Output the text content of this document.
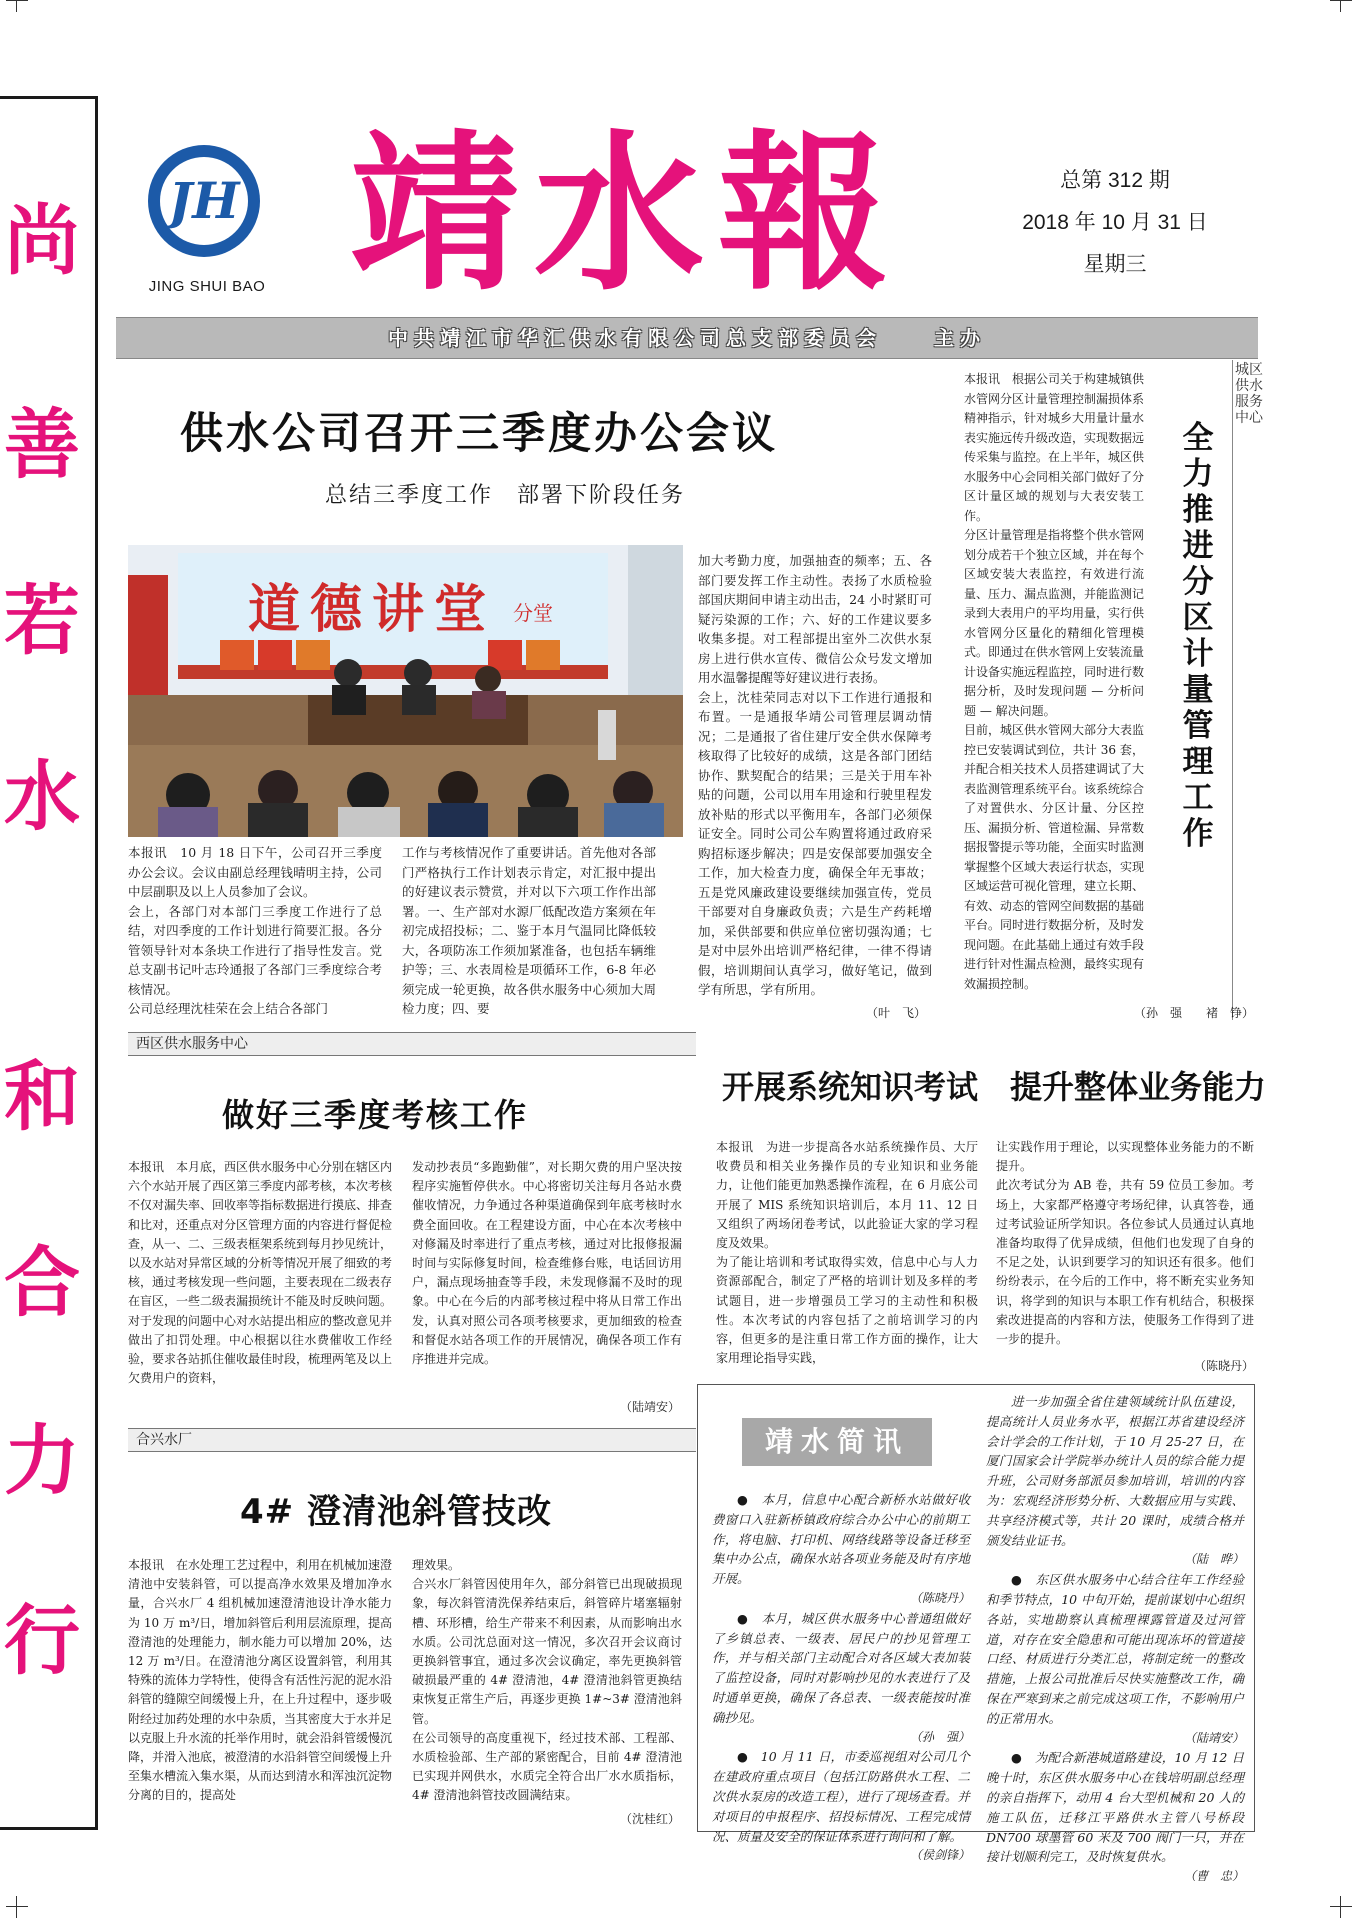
尚
善
若
水
和
合
力
行
JH
JING SHUI BAO 靖水報	总第 312 期
2018 年 10 月 31 日
星期三
中共靖江市华汇供水有限公司总支部委员会　　主办
供水公司召开三季度办公会议
总结三季度工作　部署下阶段任务
道德讲堂 分堂
本报讯　10 月 18 日下午，公司召开三季度办公会议。会议由副总经理钱晴明主持，公司中层副职及以上人员参加了会议。
会上，各部门对本部门三季度工作进行了总结，对四季度的工作计划进行简要汇报。各分管领导针对本条块工作进行了指导性发言。党总支副书记叶志玲通报了各部门三季度综合考核情况。
公司总经理沈桂荣在会上结合各部门
工作与考核情况作了重要讲话。首先他对各部门严格执行工作计划表示肯定，对汇报中提出的好建议表示赞赏，并对以下六项工作作出部署。一、生产部对水源厂低配改造方案须在年初完成招投标；二、鉴于本月气温同比降低较大，各项防冻工作须加紧准备，也包括车辆维护等；三、水表周检是项循环工作，6-8 年必须完成一轮更换，故各供水服务中心须加大周检力度；四、要
加大考勤力度，加强抽查的频率；五、各部门要发挥工作主动性。表扬了水质检验部国庆期间申请主动出击，24 小时紧盯可疑污染源的工作；六、好的工作建议要多收集多提。对工程部提出室外二次供水泵房上进行供水宣传、微信公众号发文增加用水温馨提醒等好建议进行表扬。
会上，沈桂荣同志对以下工作进行通报和布置。一是通报华靖公司管理层调动情况；二是通报了省住建厅安全供水保障考核取得了比较好的成绩，这是各部门团结协作、默契配合的结果；三是关于用车补贴的问题，公司以用车用途和行驶里程发放补贴的形式以平衡用车，各部门必须保证安全。同时公司公车购置将通过政府采购招标逐步解决；四是安保部要加强安全工作，加大检查力度，确保全年无事故；五是党风廉政建设要继续加强宣传，党员干部要对自身廉政负责；六是生产药耗增加，采供部要和供应单位密切强沟通；七是对中层外出培训严格纪律，一律不得请假，培训期间认真学习，做好笔记，做到学有所思，学有所用。
（叶　飞）
城区供水服务中心
全力推进分区计量管理工作
本报讯　根据公司关于构建城镇供水管网分区计量管理控制漏损体系精神指示，针对城乡大用量计量水表实施远传升级改造，实现数据远传采集与监控。在上半年，城区供水服务中心会同相关部门做好了分区计量区域的规划与大表安装工作。
分区计量管理是指将整个供水管网划分成若干个独立区域，并在每个区域安装大表监控，有效进行流量、压力、漏点监测，并能监测记录到大表用户的平均用量，实行供水管网分区量化的精细化管理模式。即通过在供水管网上安装流量计设备实施远程监控，同时进行数据分析，及时发现问题 — 分析问题 — 解决问题。
目前，城区供水管网大部分大表监控已安装调试到位，共计 36 套，并配合相关技术人员搭建调试了大表监测管理系统平台。该系统综合了对置供水、分区计量、分区控压、漏损分析、管道检漏、异常数据报警提示等功能，全面实时监测掌握整个区域大表运行状态，实现区域运营可视化管理，建立长期、有效、动态的管网空间数据的基础平台。同时进行数据分析，及时发现问题。在此基础上通过有效手段进行针对性漏点检测，最终实现有效漏损控制。
（孙　强　　褚　铮）
西区供水服务中心
做好三季度考核工作
本报讯　本月底，西区供水服务中心分别在辖区内六个水站开展了西区第三季度内部考核，本次考核不仅对漏失率、回收率等指标数据进行摸底、排查和比对，还重点对分区管理方面的内容进行督促检查，从一、二、三级表框架系统到每月抄见统计，以及水站对异常区域的分析等情况开展了细致的考核，通过考核发现一些问题，主要表现在二级表存在盲区，一些二级表漏损统计不能及时反映问题。对于发现的问题中心对水站提出相应的整改意见并做出了扣罚处理。中心根据以往水费催收工作经验，要求各站抓住催收最佳时段，梳理两笔及以上欠费用户的资料，
发动抄表员“多跑勤催”，对长期欠费的用户坚决按程序实施暂停供水。中心将密切关注每月各站水费催收情况，力争通过各种渠道确保到年底考核时水费全面回收。在工程建设方面，中心在本次考核中对修漏及时率进行了重点考核，通过对比报修报漏时间与实际修复时间，检查维修台账，电话回访用户，漏点现场抽查等手段，未发现修漏不及时的现象。中心在今后的内部考核过程中将从日常工作出发，认真对照公司各项考核要求，更加细致的检查和督促水站各项工作的开展情况，确保各项工作有序推进并完成。
（陆靖安）
合兴水厂
4# 澄清池斜管技改
本报讯　在水处理工艺过程中，利用在机械加速澄清池中安装斜管，可以提高净水效果及增加净水量，合兴水厂 4 组机械加速澄清池设计净水能力为 10 万 m³/日，增加斜管后利用层流原理，提高澄清池的处理能力，制水能力可以增加 20%，达 12 万 m³/日。在澄清池分离区设置斜管，利用其特殊的流体力学特性，使得含有活性污泥的泥水沿斜管的缝隙空间缓慢上升，在上升过程中，逐步吸附经过加药处理的水中杂质，当其密度大于水并足以克服上升水流的托举作用时，就会沿斜管缓慢沉降，并滑入池底，被澄清的水沿斜管空间缓慢上升至集水槽流入集水渠，从而达到清水和浑浊沉淀物分离的目的，提高处
理效果。
合兴水厂斜管因使用年久，部分斜管已出现破损现象，每次斜管清洗保养结束后，斜管碎片堵塞辐射槽、环形槽，给生产带来不利因素，从而影响出水水质。公司沈总面对这一情况，多次召开会议商讨更换斜管事宜，通过多次会议确定，率先更换斜管破损最严重的 4# 澄清池，4# 澄清池斜管更换结束恢复正常生产后，再逐步更换 1#~3# 澄清池斜管。
在公司领导的高度重视下，经过技术部、工程部、水质检验部、生产部的紧密配合，目前 4# 澄清池已实现并网供水，水质完全符合出厂水水质指标，4# 澄清池斜管技改圆满结束。
（沈桂红）
开展系统知识考试　提升整体业务能力
本报讯　为进一步提高各水站系统操作员、大厅收费员和相关业务操作员的专业知识和业务能力，让他们能更加熟悉操作流程，在 6 月底公司开展了 MIS 系统知识培训后，本月 11、12 日又组织了两场闭卷考试，以此验证大家的学习程度及效果。
为了能让培训和考试取得实效，信息中心与人力资源部配合，制定了严格的培训计划及多样的考试题目，进一步增强员工学习的主动性和积极性。本次考试的内容包括了之前培训学习的内容，但更多的是注重日常工作方面的操作，让大家用理论指导实践，
让实践作用于理论，以实现整体业务能力的不断提升。
此次考试分为 AB 卷，共有 59 位员工参加。考场上，大家都严格遵守考场纪律，认真答卷，通过考试验证所学知识。各位参试人员通过认真地准备均取得了优异成绩，但他们也发现了自身的不足之处，认识到要学习的知识还有很多。他们纷纷表示，在今后的工作中，将不断充实业务知识，将学到的知识与本职工作有机结合，积极探索改进提高的内容和方法，使服务工作得到了进一步的提升。
（陈晓丹）
靖水简讯

●　本月，信息中心配合新桥水站做好收费窗口入驻新桥镇政府综合办公中心的前期工作，将电脑、打印机、网络线路等设备迁移至集中办公点，确保水站各项业务能及时有序地开展。

（陈晓丹）

●　本月，城区供水服务中心普通组做好了乡镇总表、一级表、居民户的抄见管理工作，并与相关部门主动配合对各区域大表加装了监控设备，同时对影响抄见的水表进行了及时通单更换，确保了各总表、一级表能按时准确抄见。

（孙　强）

●　10 月 11 日，市委巡视组对公司几个在建政府重点项目（包括江防路供水工程、二次供水泵房的改造工程），进行了现场查看。并对项目的申报程序、招投标情况、工程完成情况、质量及安全的保证体系进行询问和了解。

（侯剑锋）

进一步加强全省住建领域统计队伍建设，提高统计人员业务水平，根据江苏省建设经济会计学会的工作计划，于 10 月 25-27 日，在厦门国家会计学院举办统计人员的综合能力提升班，公司财务部派员参加培训，培训的内容为：宏观经济形势分析、大数据应用与实践、共享经济模式等，共计 20 课时，成绩合格并颁发结业证书。

（陆　晔）

●　东区供水服务中心结合往年工作经验和季节特点，10 中旬开始，提前谋划中心组织各站，实地勘察认真梳理裸露管道及过河管道，对存在安全隐患和可能出现冻坏的管道接口经、材质进行分类汇总，将制定统一的整改措施，上报公司批准后尽快实施整改工作，确保在严寒到来之前完成这项工作，不影响用户的正常用水。

（陆靖安）

●　为配合新港城道路建设，10 月 12 日晚十时，东区供水服务中心在钱培明副总经理的亲自指挥下，动用 4 台大型机械和 20 人的施工队伍，迁移江平路供水主管八号桥段 DN700 球墨管 60 米及 700 阀门一只，并在接计划顺利完工，及时恢复供水。

（曹　忠）
